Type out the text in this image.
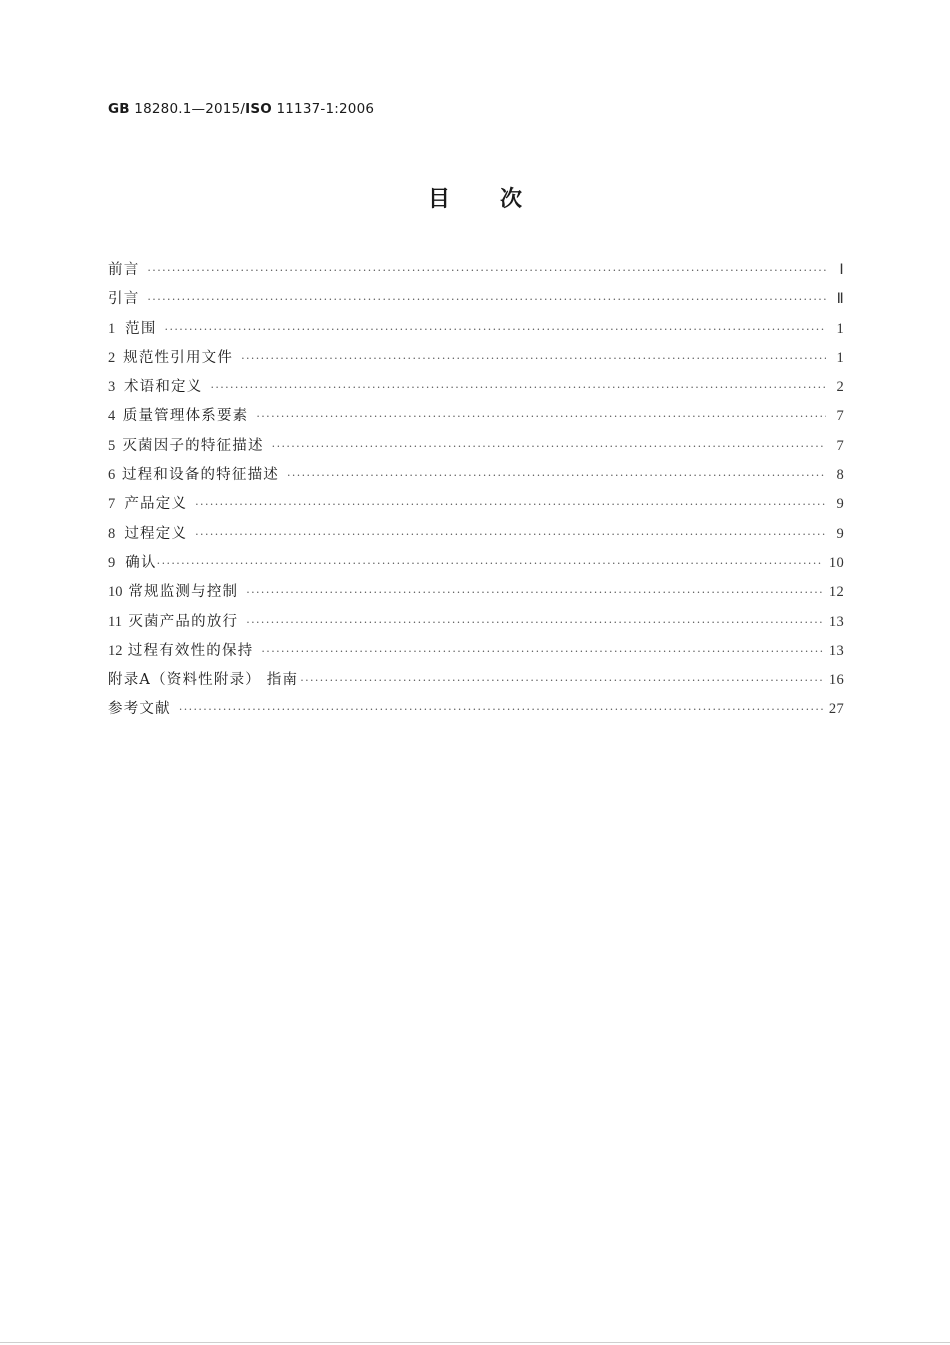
GB 18280.1—2015/ISO 11137-1:2006
目次
前言 ·····	Ⅰ
引言 ·····	Ⅱ
1 范围 ·····	1
2 规范性引用文件 ·····	1
3 术语和定义 ·····	2
4 质量管理体系要素 ·····	7
5 灭菌因子的特征描述 ·····	7
6 过程和设备的特征描述 ·····	8
7 产品定义 ·····	9
8 过程定义 ·····	9
9 确认 ·····	10
10 常规监测与控制 ·····	12
11 灭菌产品的放行 ·····	13
12 过程有效性的保持 ·····	13
附录A（资料性附录） 指南 ·····	16
参考文献 ·····	27
